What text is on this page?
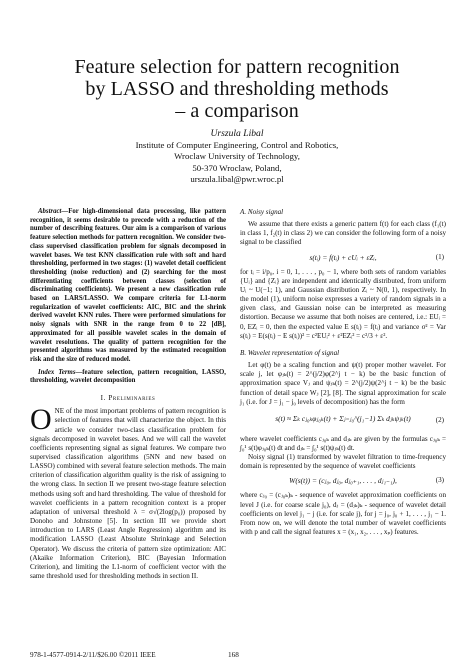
Feature selection for pattern recognition
by LASSO and thresholding methods
– a comparison
Urszula Libal
Institute of Computer Engineering, Control and Robotics,
Wroclaw University of Technology,
50-370 Wroclaw, Poland,
urszula.libal@pwr.wroc.pl

Abstract—For high-dimensional data processing, like pattern recognition, it seems desirable to precede with a reduction of the number of describing features. Our aim is a comparison of various feature selection methods for pattern recognition. We consider two-class supervised classification problem for signals decomposed in wavelet bases. We test KNN classification rule with soft and hard thresholding, performed in two stages: (1) wavelet detail coefficient thresholding (noise reduction) and (2) searching for the most differentiating coefficients between classes (selection of discriminating coefficients). We present a new classification rule based on LARS/LASSO. We compare criteria for L1-norm regularization of wavelet coefficients: AIC, BIC and the shrink derived wavelet KNN rules. There were performed simulations for noisy signals with SNR in the range from 0 to 22 [dB], approximated for all possible wavelet scales in the domain of wavelet resolutions. The quality of pattern recognition for the presented algorithms was measured by the estimated recognition risk and the size of reduced model.

Index Terms—feature selection, pattern recognition, LASSO, thresholding, wavelet decomposition

I. Preliminaries

ONE of the most important problems of pattern recognition is selection of features that will characterize the object. In this article we consider two-class classification problem for signals decomposed in wavelet bases. And we will call the wavelet coefficients representing signal as signal features. We compare two supervised classification algorithms (5NN and new based on LASSO) combined with several feature selection methods. The main criterion of classification algorithm quality is the risk of assigning to the wrong class. In section II we present two-stage feature selection methods using soft and hard thresholding. The value of threshold for wavelet coefficients in a pattern recognition context is a proper adaptation of universal threshold λ = σ√(2log(p₀)) proposed by Donoho and Johnstone [5]. In section III we provide short introduction to LARS (Least Angle Regression) algorithm and its modification LASSO (Least Absolute Shrinkage and Selection Operator). We discuss the criteria of pattern size optimization: AIC (Akaike Information Criterion), BIC (Bayesian Information Criterion), and limiting the L1-norm of coefficient vector with the same threshold used for thresholding methods in section II.

A. Noisy signal

We assume that there exists a generic pattern f(t) for each class (f₁(t) in class 1, f₂(t) in class 2) we can consider the following form of a noisy signal to be classified

s(tᵢ) = f(tᵢ) + cUᵢ + εZᵢ,	(1)

for tᵢ = i/p₀, i = 0, 1, . . . , p₀ − 1, where both sets of random variables {Uᵢ} and {Zᵢ} are independent and identically distributed, from uniform Uᵢ ~ U(−1; 1), and Gaussian distribution Zᵢ ~ N(0, 1), respectively. In the model (1), uniform noise expresses a variety of random signals in a given class, and Gaussian noise can be interpreted as measuring distortion. Because we assume that both noises are centered, i.e.: EUᵢ = 0, EZᵢ = 0, then the expected value E s(tᵢ) = f(tᵢ) and variance σ² = Var s(tᵢ) = E(s(tᵢ) − E s(tᵢ))² = c²EUᵢ² + ε²EZᵢ² = c²/3 + ε².

B. Wavelet representation of signal

Let φ(t) be a scaling function and ψ(t) proper mother wavelet. For scale j, let φⱼₖ(t) = 2^(j/2)φ(2^j t − k) be the basic function of approximation space Vⱼ and ψⱼₖ(t) = 2^(j/2)ψ(2^j t − k) be the basic function of detail space Wⱼ [2], [8]. The signal approximation for scale j₁ (i.e. for J = j₁ − j₀ levels of decomposition) has the form

s(t) ≈ Σₖ cⱼ₀ₖφⱼ₀ₖ(t) + Σⱼ₌ⱼ₀^(j₁−1) Σₖ dⱼₖψⱼₖ(t)	(2)

where wavelet coefficients cⱼ₀ₖ and dⱼₖ are given by the formulas cⱼ₀ₖ = ∫₀¹ s(t)φⱼ₀ₖ(t) dt and dⱼₖ = ∫₀¹ s(t)ψⱼₖ(t) dt.

Noisy signal (1) transformed by wavelet filtration to time-frequency domain is represented by the sequence of wavelet coefficients

W(s(t)) = (cⱼ₀, dⱼ₀, dⱼ₀₊₁, . . . , dⱼ₁₋₁),	(3)

where cⱼ₀ = (cⱼ₀ₖ)ₖ - sequence of wavelet approximation coefficients on level J (i.e. for coarse scale j₀), dⱼ = (dⱼₖ)ₖ - sequence of wavelet detail coefficients on level j₁ − j (i.e. for scale j), for j = j₀, j₀ + 1, . . . , j₁ − 1. From now on, we will denote the total number of wavelet coefficients with p and call the signal features x = (x₁, x₂, . . . , xₚ) features.

978-1-4577-0914-2/11/$26.00 ©2011 IEEE	168
